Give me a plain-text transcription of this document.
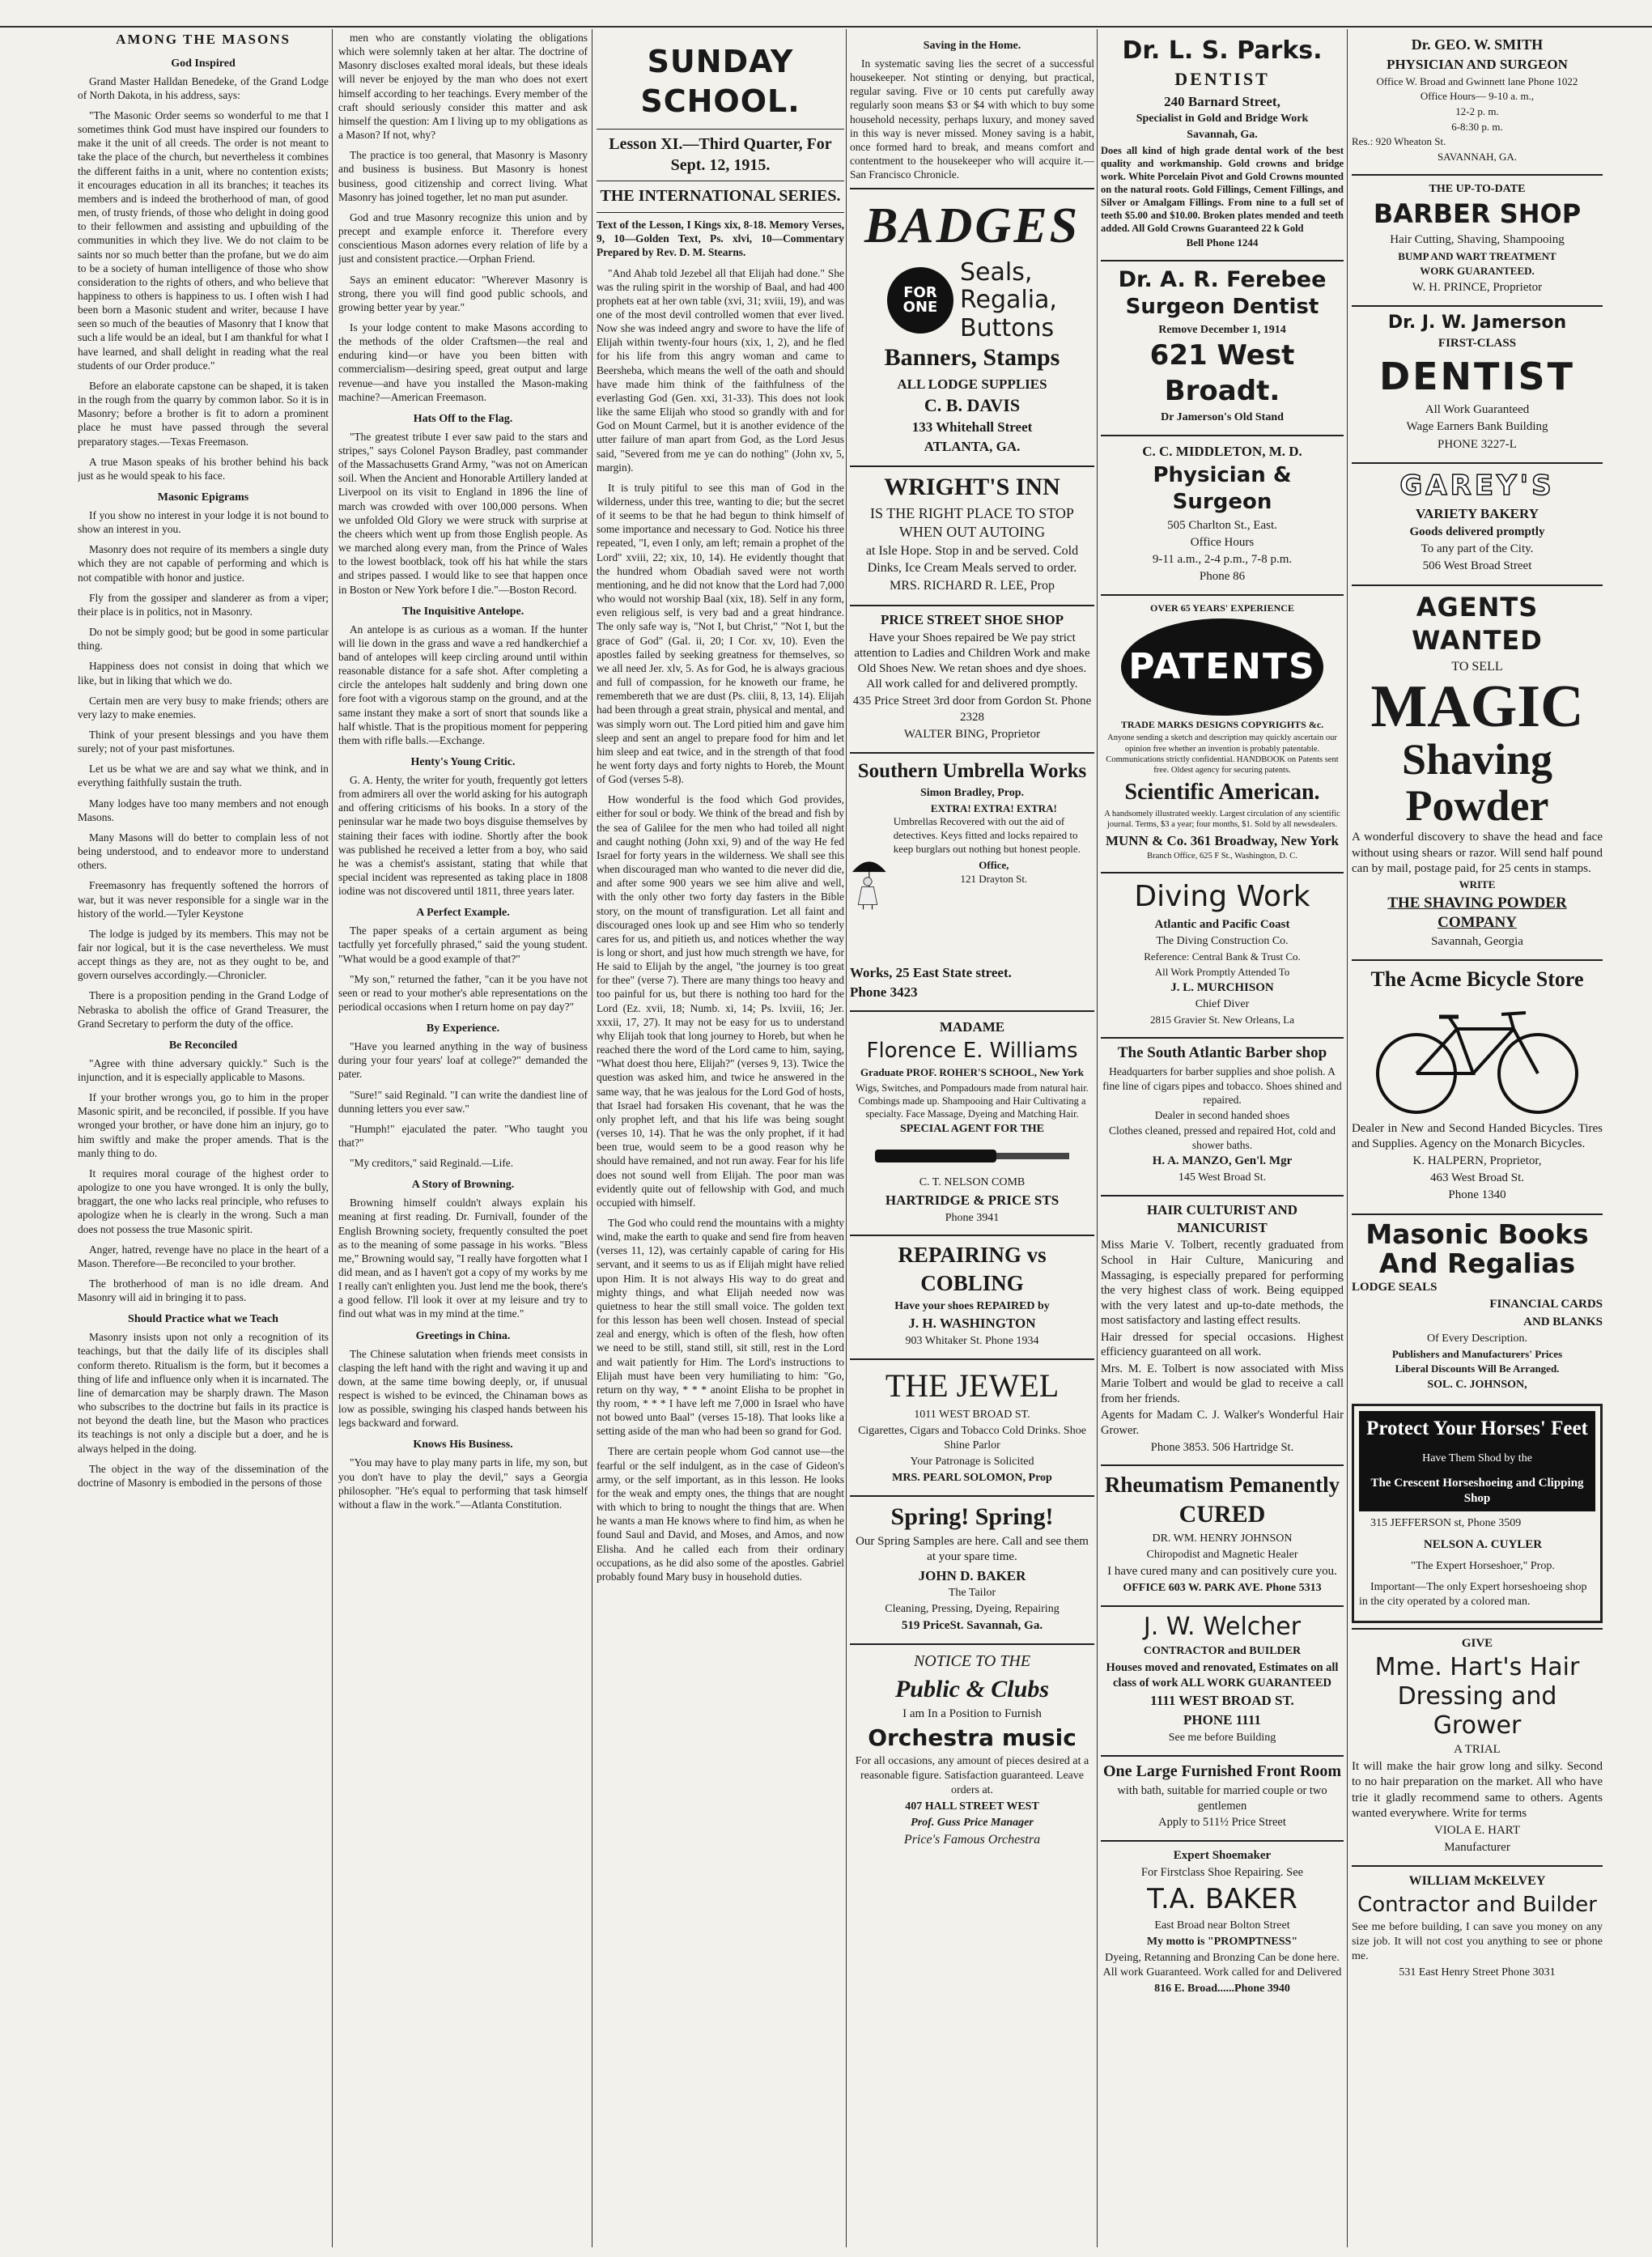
AMONG THE MASONS
God Inspired

Grand Master Halldan Benedeke, of the Grand Lodge of North Dakota, in his address, says:

"The Masonic Order seems so wonderful to me that I sometimes think God must have inspired our founders to make it the unit of all creeds. The order is not meant to take the place of the church, but nevertheless it combines the different faiths in a unit, where no contention exists; it encourages education in all its branches; it teaches its members and is indeed the brotherhood of man, of good men, of trusty friends, of those who delight in doing good to their fellowmen and assisting and upbuilding of the communities in which they live. We do not claim to be saints nor so much better than the profane, but we do aim to be a society of human intelligence of those who show consideration to the rights of others, and who believe that happiness to others is happiness to us. I often wish I had been born a Masonic student and writer, because I have seen so much of the beauties of Masonry that I know that such a life would be an ideal, but I am thankful for what I have learned, and shall delight in reading what the real students of our Order produce."

Before an elaborate capstone can be shaped, it is taken in the rough from the quarry by common labor. So it is in Masonry; before a brother is fit to adorn a prominent place he must have passed through the several preparatory stages.—Texas Freemason.

A true Mason speaks of his brother behind his back just as he would speak to his face.

Masonic Epigrams

If you show no interest in your lodge it is not bound to show an interest in you.

Masonry does not require of its members a single duty which they are not capable of performing and which is not compatible with honor and justice.

Fly from the gossiper and slanderer as from a viper; their place is in politics, not in Masonry.

Do not be simply good; but be good in some particular thing.

Happiness does not consist in doing that which we like, but in liking that which we do.

Certain men are very busy to make friends; others are very lazy to make enemies.

Think of your present blessings and you have them surely; not of your past misfortunes.

Let us be what we are and say what we think, and in everything faithfully sustain the truth.

Many lodges have too many members and not enough Masons.

Many Masons will do better to complain less of not being understood, and to endeavor more to understand others.

Freemasonry has frequently softened the horrors of war, but it was never responsible for a single war in the history of the world.—Tyler Keystone

The lodge is judged by its members. This may not be fair nor logical, but it is the case nevertheless. We must accept things as they are, not as they ought to be, and govern ourselves accordingly.—Chronicler.

There is a proposition pending in the Grand Lodge of Nebraska to abolish the office of Grand Treasurer, the Grand Secretary to perform the duty of the office.

Be Reconciled

"Agree with thine adversary quickly." Such is the injunction, and it is especially applicable to Masons.

If your brother wrongs you, go to him in the proper Masonic spirit, and be reconciled, if possible. If you have wronged your brother, or have done him an injury, go to him swiftly and make the proper amends. That is the manly thing to do.

It requires moral courage of the highest order to apologize to one you have wronged. It is only the bully, braggart, the one who lacks real principle, who refuses to apologize when he is clearly in the wrong. Such a man does not possess the true Masonic spirit.

Anger, hatred, revenge have no place in the heart of a Mason. Therefore—Be reconciled to your brother.

The brotherhood of man is no idle dream. And Masonry will aid in bringing it to pass.

Should Practice what we Teach

Masonry insists upon not only a recognition of its teachings, but that the daily life of its disciples shall conform thereto. Ritualism is the form, but it becomes a thing of life and influence only when it is incarnated. The line of demarcation may be sharply drawn. The Mason who subscribes to the doctrine but fails in its practice is not beyond the death line, but the Mason who practices its teachings is not only a disciple but a doer, and he is always helped in the doing.

The object in the way of the dissemination of the doctrine of Masonry is embodied in the persons of those

men who are constantly violating the obligations which were solemnly taken at her altar. The doctrine of Masonry discloses exalted moral ideals, but these ideals will never be enjoyed by the man who does not exert himself according to her teachings. Every member of the craft should seriously consider this matter and ask himself the question: Am I living up to my obligations as a Mason? If not, why?

The practice is too general, that Masonry is Masonry and business is business. But Masonry is honest business, good citizenship and correct living. What Masonry has joined together, let no man put asunder.

God and true Masonry recognize this union and by precept and example enforce it. Therefore every conscientious Mason adornes every relation of life by a just and consistent practice.—Orphan Friend.

Says an eminent educator: "Wherever Masonry is strong, there you will find good public schools, and growing better year by year."

Is your lodge content to make Masons according to the methods of the older Craftsmen—the real and enduring kind—or have you been bitten with commercialism—desiring speed, great output and large revenue—and have you installed the Mason-making machine?—American Freemason.

Hats Off to the Flag.

"The greatest tribute I ever saw paid to the stars and stripes," says Colonel Payson Bradley, past commander of the Massachusetts Grand Army, "was not on American soil. When the Ancient and Honorable Artillery landed at Liverpool on its visit to England in 1896 the line of march was crowded with over 100,000 persons. When we unfolded Old Glory we were struck with surprise at the cheers which went up from those English people. As we marched along every man, from the Prince of Wales to the lowest bootblack, took off his hat while the stars and stripes passed. I would like to see that happen once in Boston or New York before I die."—Boston Record.

The Inquisitive Antelope.

An antelope is as curious as a woman. If the hunter will lie down in the grass and wave a red handkerchief a band of antelopes will keep circling around until within reasonable distance for a safe shot. After completing a circle the antelopes halt suddenly and bring down one fore foot with a vigorous stamp on the ground, and at the same instant they make a sort of snort that sounds like a half whistle. That is the propitious moment for peppering them with rifle balls.—Exchange.

Henty's Young Critic.

G. A. Henty, the writer for youth, frequently got letters from admirers all over the world asking for his autograph and offering criticisms of his books. In a story of the peninsular war he made two boys disguise themselves by staining their faces with iodine. Shortly after the book was published he received a letter from a boy, who said he was a chemist's assistant, stating that while that special incident was represented as taking place in 1808 iodine was not discovered until 1811, three years later.

A Perfect Example.

The paper speaks of a certain argument as being tactfully yet forcefully phrased," said the young student. "What would be a good example of that?"

"My son," returned the father, "can it be you have not seen or read to your mother's able representations on the periodical occasions when I return home on pay day?"

By Experience.

"Have you learned anything in the way of business during your four years' loaf at college?" demanded the pater.

"Sure!" said Reginald. "I can write the dandiest line of dunning letters you ever saw."

"Humph!" ejaculated the pater. "Who taught you that?"

"My creditors," said Reginald.—Life.

A Story of Browning.

Browning himself couldn't always explain his meaning at first reading. Dr. Furnivall, founder of the English Browning society, frequently consulted the poet as to the meaning of some passage in his works. "Bless me," Browning would say, "I really have forgotten what I did mean, and as I haven't got a copy of my works by me I really can't enlighten you. Just lend me the book, there's a good fellow. I'll look it over at my leisure and try to find out what was in my mind at the time."

Greetings in China.

The Chinese salutation when friends meet consists in clasping the left hand with the right and waving it up and down, at the same time bowing deeply, or, if unusual respect is wished to be evinced, the Chinaman bows as low as possible, swinging his clasped hands between his legs backward and forward.

Knows His Business.

"You may have to play many parts in life, my son, but you don't have to play the devil," says a Georgia philosopher. "He's equal to performing that task himself without a flaw in the work."—Atlanta Constitution.

SUNDAY SCHOOL.
Lesson XI.—Third Quarter, For Sept. 12, 1915.
THE INTERNATIONAL SERIES.

Text of the Lesson, I Kings xix, 8-18. Memory Verses, 9, 10—Golden Text, Ps. xlvi, 10—Commentary Prepared by Rev. D. M. Stearns.

"And Ahab told Jezebel all that Elijah had done." She was the ruling spirit in the worship of Baal, and had 400 prophets eat at her own table (xvi, 31; xviii, 19), and was one of the most devil controlled women that ever lived. Now she was indeed angry and swore to have the life of Elijah within twenty-four hours (xix, 1, 2), and he fled for his life from this angry woman and came to Beersheba, which means the well of the oath and should have made him think of the faithfulness of the everlasting God (Gen. xxi, 31-33). This does not look like the same Elijah who stood so grandly with and for God on Mount Carmel, but it is another evidence of the utter failure of man apart from God, as the Lord Jesus said, "Severed from me ye can do nothing" (John xv, 5, margin).

It is truly pitiful to see this man of God in the wilderness, under this tree, wanting to die; but the secret of it seems to be that he had begun to think himself of some importance and necessary to God. Notice his three repeated, "I, even I only, am left; remain a prophet of the Lord" xviii, 22; xix, 10, 14). He evidently thought that the hundred whom Obadiah saved were not worth mentioning, and he did not know that the Lord had 7,000 who would not worship Baal (xix, 18). Self in any form, even religious self, is very bad and a great hindrance. The only safe way is, "Not I, but Christ," "Not I, but the grace of God" (Gal. ii, 20; I Cor. xv, 10). Even the apostles failed by seeking greatness for themselves, so we all need Jer. xlv, 5. As for God, he is always gracious and full of compassion, for he knoweth our frame, he remembereth that we are dust (Ps. cliii, 8, 13, 14). Elijah had been through a great strain, physical and mental, and was simply worn out. The Lord pitied him and gave him sleep and sent an angel to prepare food for him and let him sleep and eat twice, and in the strength of that food he went forty days and forty nights to Horeb, the Mount of God (verses 5-8).

How wonderful is the food which God provides, either for soul or body. We think of the bread and fish by the sea of Galilee for the men who had toiled all night and caught nothing (John xxi, 9) and of the way He fed Israel for forty years in the wilderness. We shall see this when discouraged man who wanted to die never did die, and after some 900 years we see him alive and well, with the only other two forty day fasters in the Bible story, on the mount of transfiguration. Let all faint and discouraged ones look up and see Him who so tenderly cares for us, and pitieth us, and notices whether the way is long or short, and just how much strength we have, for He said to Elijah by the angel, "the journey is too great for thee" (verse 7). There are many things too heavy and too painful for us, but there is nothing too hard for the Lord (Ez. xvii, 18; Numb. xi, 14; Ps. lxviii, 16; Jer. xxxii, 17, 27). It may not be easy for us to understand why Elijah took that long journey to Horeb, but when he reached there the word of the Lord came to him, saying, "What doest thou here, Elijah?" (verses 9, 13). Twice the question was asked him, and twice he answered in the same way, that he was jealous for the Lord God of hosts, that Israel had forsaken His covenant, that he was the only prophet left, and that his life was being sought (verses 10, 14). That he was the only prophet, if it had been true, would seem to be a good reason why he should have remained, and not run away. Fear for his life does not sound well from Elijah. The poor man was evidently quite out of fellowship with God, and much occupied with himself.

The God who could rend the mountains with a mighty wind, make the earth to quake and send fire from heaven (verses 11, 12), was certainly capable of caring for His servant, and it seems to us as if Elijah might have relied upon Him. It is not always His way to do great and mighty things, and what Elijah needed now was quietness to hear the still small voice. The golden text for this lesson has been well chosen. Instead of special zeal and energy, which is often of the flesh, how often we need to be still, stand still, sit still, rest in the Lord and wait patiently for Him. The Lord's instructions to Elijah must have been very humiliating to him: "Go, return on thy way, * * * anoint Elisha to be prophet in thy room, * * * I have left me 7,000 in Israel who have not bowed unto Baal" (verses 15-18). That looks like a setting aside of the man who had been so grand for God.

There are certain people whom God cannot use—the fearful or the self indulgent, as in the case of Gideon's army, or the self important, as in this lesson. He looks for the weak and empty ones, the things that are nought with which to bring to nought the things that are. When he wants a man He knows where to find him, as when he found Saul and David, and Moses, and Amos, and now Elisha. And he called each from their ordinary occupations, as he did also some of the apostles. Gabriel probably found Mary busy in household duties.

Saving in the Home.

In systematic saving lies the secret of a successful housekeeper. Not stinting or denying, but practical, regular saving. Five or 10 cents put carefully away regularly soon means $3 or $4 with which to buy some household necessity, perhaps luxury, and money saved in this way is never missed. Money saving is a habit, once formed hard to break, and means comfort and contentment to the housekeeper who will acquire it.—San Francisco Chronicle.

BADGES
FOR
ONE
Seals,
Regalia,
Buttons
Banners, Stamps

ALL LODGE SUPPLIES

C. B. DAVIS

133 Whitehall Street

ATLANTA, GA.

WRIGHT'S INN

IS THE RIGHT PLACE TO STOP WHEN OUT AUTOING

at Isle Hope. Stop in and be served. Cold Dinks, Ice Cream Meals served to order.

MRS. RICHARD R. LEE, Prop

PRICE STREET SHOE SHOP

Have your Shoes repaired be We pay strict attention to Ladies and Children Work and make Old Shoes New. We retan shoes and dye shoes. All work called for and delivered promptly.

435 Price Street 3rd door from Gordon St. Phone 2328

WALTER BING, Proprietor

Southern Umbrella Works

Simon Bradley, Prop.

EXTRA! EXTRA! EXTRA!
Umbrellas Recovered with out the aid of detectives. Keys fitted and locks repaired to keep burglars out nothing but honest people.
Office,
121 Drayton St.

Works, 25 East State street.

Phone 3423

MADAME

Florence E. Williams

Graduate PROF. ROHER'S SCHOOL, New York

Wigs, Switches, and Pompadours made from natural hair. Combings made up. Shampooing and Hair Cultivating a specialty. Face Massage, Dyeing and Matching Hair.

SPECIAL AGENT FOR THE

C. T. NELSON COMB

HARTRIDGE & PRICE STS

Phone 3941

REPAIRING vs COBLING

Have your shoes REPAIRED by

J. H. WASHINGTON

903 Whitaker St. Phone 1934

THE JEWEL

1011 WEST BROAD ST.

Cigarettes, Cigars and Tobacco Cold Drinks. Shoe Shine Parlor

Your Patronage is Solicited

MRS. PEARL SOLOMON, Prop

Spring! Spring!

Our Spring Samples are here. Call and see them at your spare time.

JOHN D. BAKER

The Tailor

Cleaning, Pressing, Dyeing, Repairing

519 PriceSt. Savannah, Ga.

NOTICE TO THE

Public & Clubs

I am In a Position to Furnish

Orchestra music

For all occasions, any amount of pieces desired at a reasonable figure. Satisfaction guaranteed. Leave orders at.

407 HALL STREET WEST

Prof. Guss Price Manager

Price's Famous Orchestra

Dr. L. S. Parks.

DENTIST

240 Barnard Street,

Specialist in Gold and Bridge Work

Savannah, Ga.

Does all kind of high grade dental work of the best quality and workmanship. Gold crowns and bridge work. White Porcelain Pivot and Gold Crowns mounted on the natural roots. Gold Fillings, Cement Fillings, and Silver or Amalgam Fillings. From nine to a full set of teeth $5.00 and $10.00. Broken plates mended and teeth added. All Gold Crowns Guaranteed 22 k Gold

Bell Phone 1244

Dr. A. R. Ferebee
Surgeon Dentist

Remove December 1, 1914

621 West Broadt.

Dr Jamerson's Old Stand

C. C. MIDDLETON, M. D.

Physician & Surgeon

505 Charlton St., East.

Office Hours

9-11 a.m., 2-4 p.m., 7-8 p.m.

Phone 86

OVER 65 YEARS' EXPERIENCE

PATENTS

TRADE MARKS DESIGNS COPYRIGHTS &c.

Anyone sending a sketch and description may quickly ascertain our opinion free whether an invention is probably patentable. Communications strictly confidential. HANDBOOK on Patents sent free. Oldest agency for securing patents.

Scientific American.

A handsomely illustrated weekly. Largest circulation of any scientific journal. Terms, $3 a year; four months, $1. Sold by all newsdealers.

MUNN & Co. 361 Broadway, New York

Branch Office, 625 F St., Washington, D. C.

Diving Work

Atlantic and Pacific Coast

The Diving Construction Co.

Reference: Central Bank & Trust Co.

All Work Promptly Attended To

J. L. MURCHISON

Chief Diver

2815 Gravier St. New Orleans, La

The South Atlantic Barber shop

Headquarters for barber supplies and shoe polish. A fine line of cigars pipes and tobacco. Shoes shined and repaired.

Dealer in second handed shoes

Clothes cleaned, pressed and repaired Hot, cold and shower baths.

H. A. MANZO, Gen'l. Mgr

145 West Broad St.

HAIR CULTURIST AND MANICURIST

Miss Marie V. Tolbert, recently graduated from School in Hair Culture, Manicuring and Massaging, is especially prepared for performing the very highest class of work. Being equipped with the very latest and up-to-date methods, the most satisfactory and lasting effect results.

Hair dressed for special occasions. Highest efficiency guaranteed on all work.

Mrs. M. E. Tolbert is now associated with Miss Marie Tolbert and would be glad to receive a call from her friends.

Agents for Madam C. J. Walker's Wonderful Hair Grower.

Phone 3853. 506 Hartridge St.

Rheumatism Pemanently
CURED

DR. WM. HENRY JOHNSON

Chiropodist and Magnetic Healer

I have cured many and can positively cure you.

OFFICE 603 W. PARK AVE. Phone 5313

J. W. Welcher

CONTRACTOR and BUILDER

Houses moved and renovated, Estimates on all class of work ALL WORK GUARANTEED

1111 WEST BROAD ST.

PHONE 1111

See me before Building

One Large Furnished Front Room

with bath, suitable for married couple or two gentlemen

Apply to 511½ Price Street

Expert Shoemaker

For Firstclass Shoe Repairing. See

T.A. BAKER

East Broad near Bolton Street

My motto is "PROMPTNESS"

Dyeing, Retanning and Bronzing Can be done here. All work Guaranteed. Work called for and Delivered

816 E. Broad......Phone 3940

Dr. GEO. W. SMITH

PHYSICIAN AND SURGEON

Office W. Broad and Gwinnett lane Phone 1022

Office Hours— 9-10 a. m.,

12-2 p. m.

6-8:30 p. m.

Res.: 920 Wheaton St.

SAVANNAH, GA.

THE UP-TO-DATE

BARBER SHOP

Hair Cutting, Shaving, Shampooing

BUMP AND WART TREATMENT

WORK GUARANTEED.

W. H. PRINCE, Proprietor

Dr. J. W. Jamerson

FIRST-CLASS

DENTIST

All Work Guaranteed

Wage Earners Bank Building

PHONE 3227-L

GAREY'S

VARIETY BAKERY

Goods delivered promptly

To any part of the City.

506 West Broad Street

AGENTS WANTED

TO SELL

MAGIC
Shaving Powder

A wonderful discovery to shave the head and face without using shears or razor. Will send half pound can by mail, postage paid, for 25 cents in stamps.

WRITE

THE SHAVING POWDER COMPANY

Savannah, Georgia

The Acme Bicycle Store

Dealer in New and Second Handed Bicycles. Tires and Supplies. Agency on the Monarch Bicycles.

K. HALPERN, Proprietor,

463 West Broad St.

Phone 1340

Masonic Books And Regalias

LODGE SEALS

FINANCIAL CARDS

AND BLANKS

Of Every Description.

Publishers and Manufacturers' Prices

Liberal Discounts Will Be Arranged.

SOL. C. JOHNSON,

Protect Your Horses' Feet
Have Them Shod by the
The Crescent Horseshoeing and Clipping Shop

315 JEFFERSON st, Phone 3509

NELSON A. CUYLER

"The Expert Horseshoer," Prop.

Important—The only Expert horseshoeing shop in the city operated by a colored man.

GIVE

Mme. Hart's Hair Dressing and Grower

A TRIAL

It will make the hair grow long and silky. Second to no hair preparation on the market. All who have trie it gladly recommend same to others. Agents wanted everywhere. Write for terms

VIOLA E. HART

Manufacturer

WILLIAM McKELVEY

Contractor and Builder

See me before building, I can save you money on any size job. It will not cost you anything to see or phone me.

531 East Henry Street Phone 3031
